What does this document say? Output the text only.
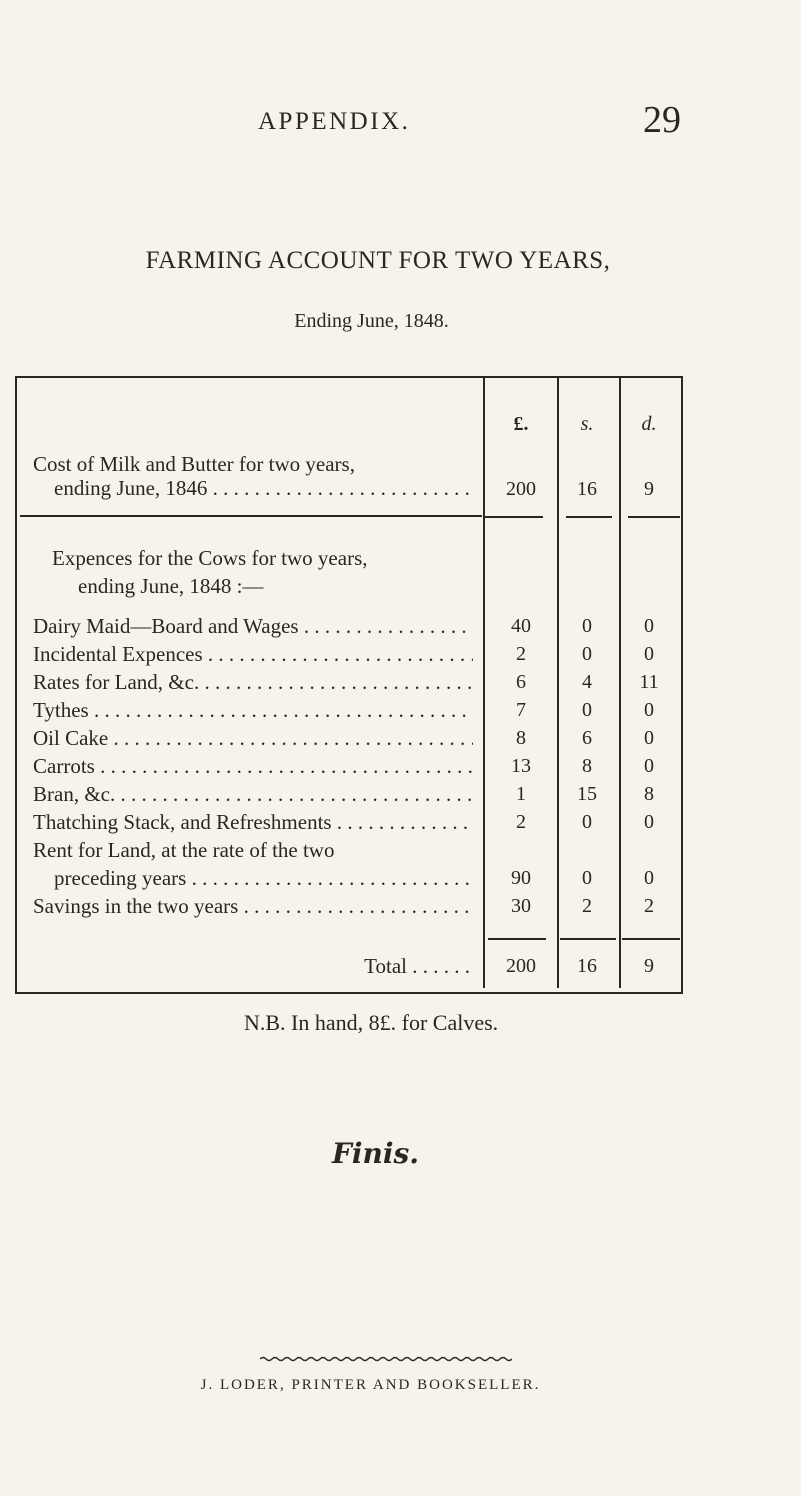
APPENDIX.	29
FARMING ACCOUNT FOR TWO YEARS,
Ending June, 1848.
£.	s.	d.
Cost of Milk and Butter for two years,
ending June, 1846 . . .	200	16	9
Expences for the Cows for two years,
ending June, 1848 :—
Dairy Maid—Board and Wages . . .	40	0	0
Incidental Expences . . .	2	0	0
Rates for Land, &c. . . .	6	4	11
Tythes . . .	7	0	0
Oil Cake . . .	8	6	0
Carrots . . .	13	8	0
Bran, &c. . . .	1	15	8
Thatching Stack, and Refreshments . . .	2	0	0
Rent for Land, at the rate of the two
preceding years . . .	90	0	0
Savings in the two years . . .	30	2	2
Total . . . . . .	200	16	9
N.B. In hand, 8£. for Calves.
Finis.
J. LODER, PRINTER AND BOOKSELLER.
